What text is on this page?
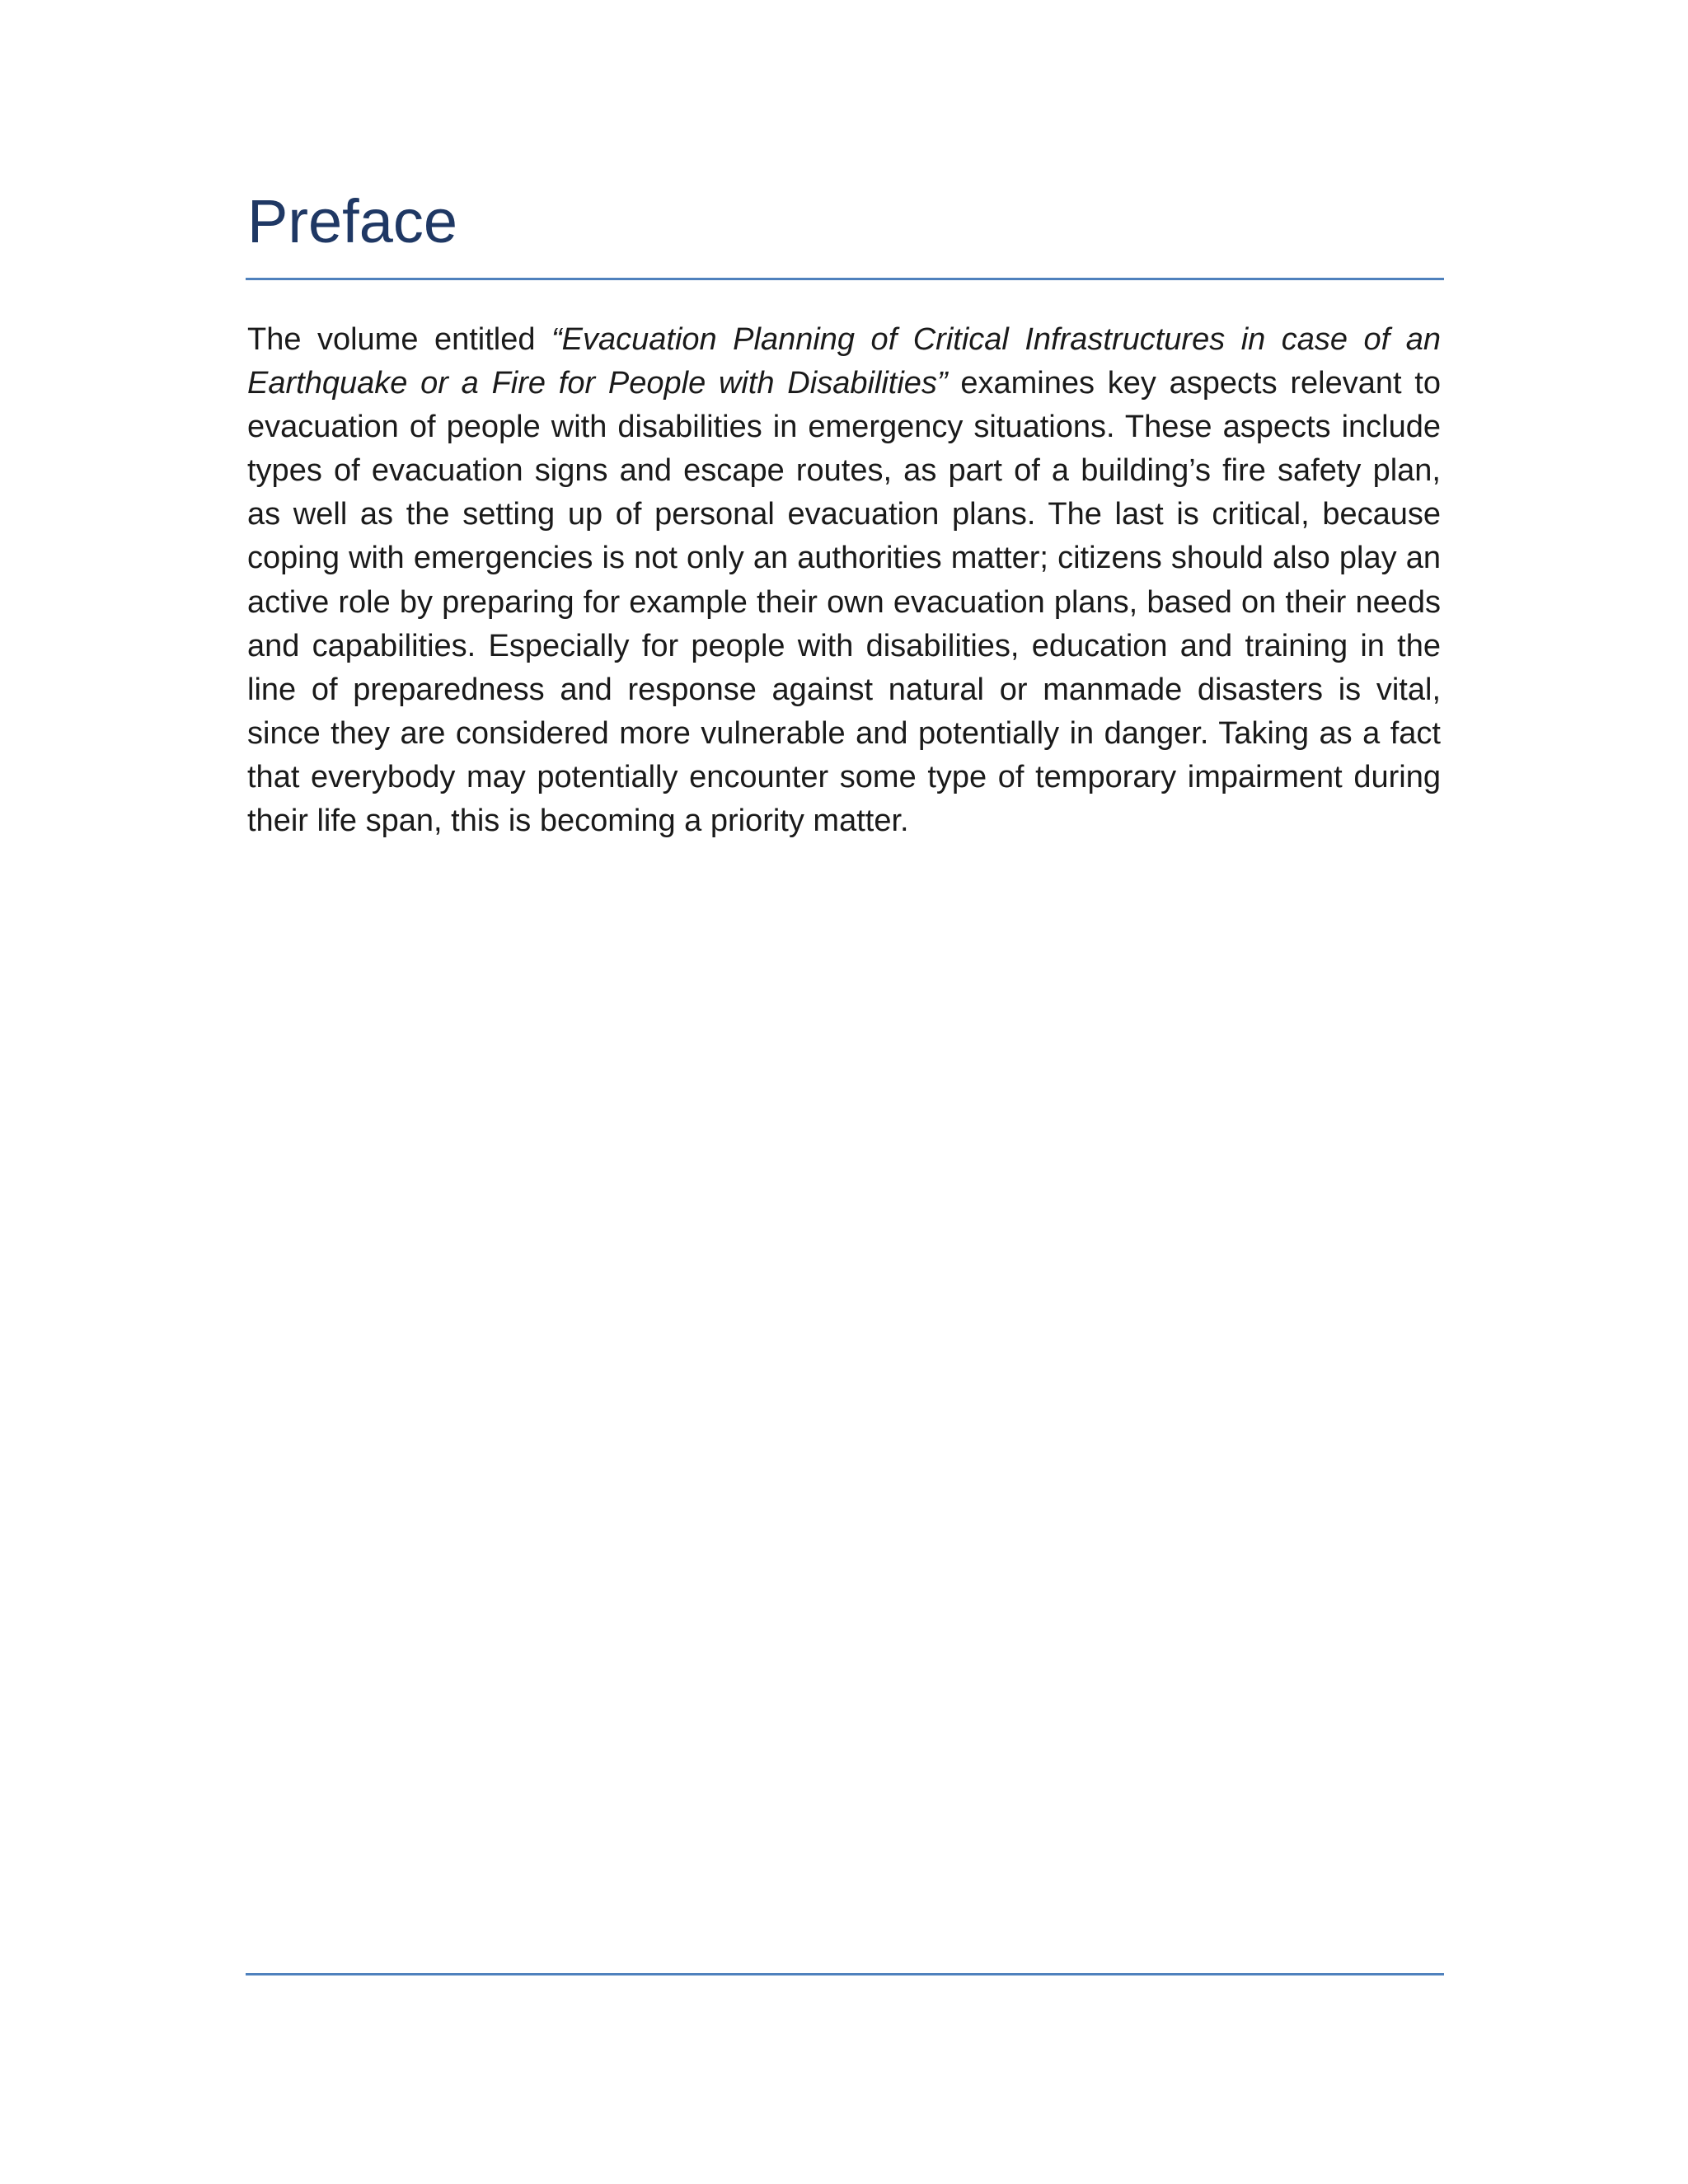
Preface

The volume entitled “Evacuation Planning of Critical Infrastructures in case of an Earthquake or a Fire for People with Disabilities” examines key aspects relevant to evacuation of people with disabilities in emergency situations. These aspects include types of evacuation signs and escape routes, as part of a building’s fire safety plan, as well as the setting up of personal evacuation plans. The last is critical, because coping with emergencies is not only an authorities matter; citizens should also play an active role by preparing for example their own evacuation plans, based on their needs and capabilities. Especially for people with disabilities, education and training in the line of preparedness and response against natural or manmade disasters is vital, since they are considered more vulnerable and potentially in danger. Taking as a fact that everybody may potentially encounter some type of temporary impairment during their life span, this is becoming a priority matter.
